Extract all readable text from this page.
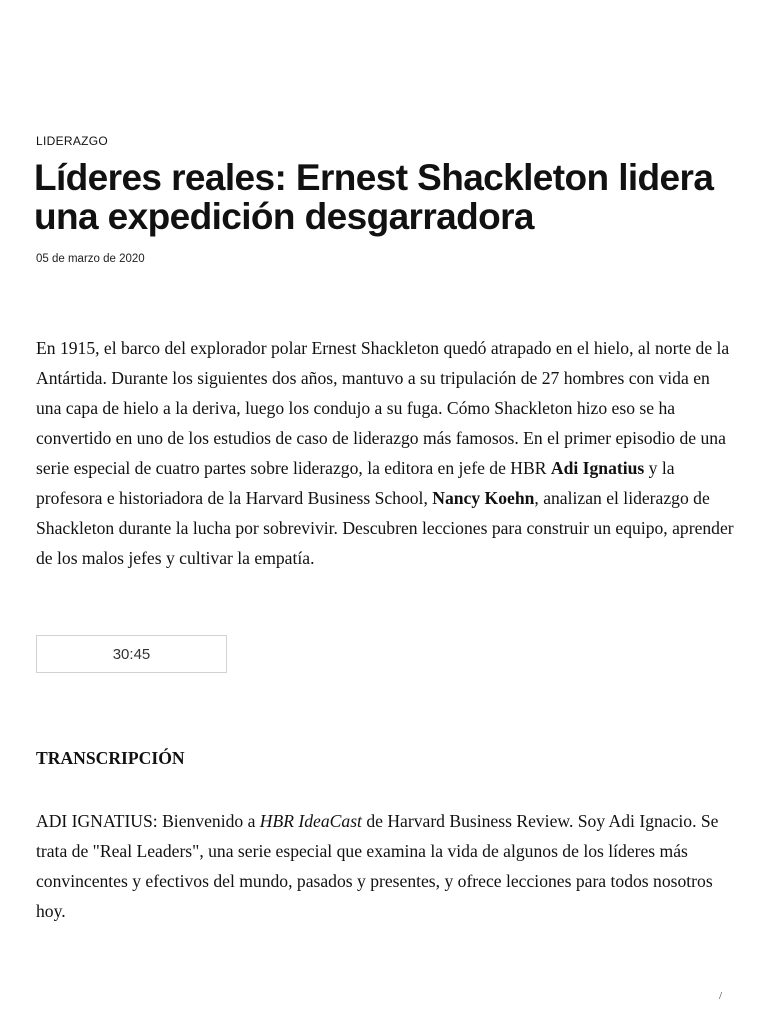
LIDERAZGO
Líderes reales: Ernest Shackleton lidera una expedición desgarradora
05 de marzo de 2020

En 1915, el barco del explorador polar Ernest Shackleton quedó atrapado en el hielo, al norte de la Antártida. Durante los siguientes dos años, mantuvo a su tripulación de 27 hombres con vida en una capa de hielo a la deriva, luego los condujo a su fuga. Cómo Shackleton hizo eso se ha convertido en uno de los estudios de caso de liderazgo más famosos. En el primer episodio de una serie especial de cuatro partes sobre liderazgo, la editora en jefe de HBR Adi Ignatius y la profesora e historiadora de la Harvard Business School, Nancy Koehn, analizan el liderazgo de Shackleton durante la lucha por sobrevivir. Descubren lecciones para construir un equipo, aprender de los malos jefes y cultivar la empatía.

30:45
TRANSCRIPCIÓN

ADI IGNATIUS: Bienvenido a HBR IdeaCast de Harvard Business Review. Soy Adi Ignacio. Se trata de "Real Leaders", una serie especial que examina la vida de algunos de los líderes más convincentes y efectivos del mundo, pasados y presentes, y ofrece lecciones para todos nosotros hoy.

/
